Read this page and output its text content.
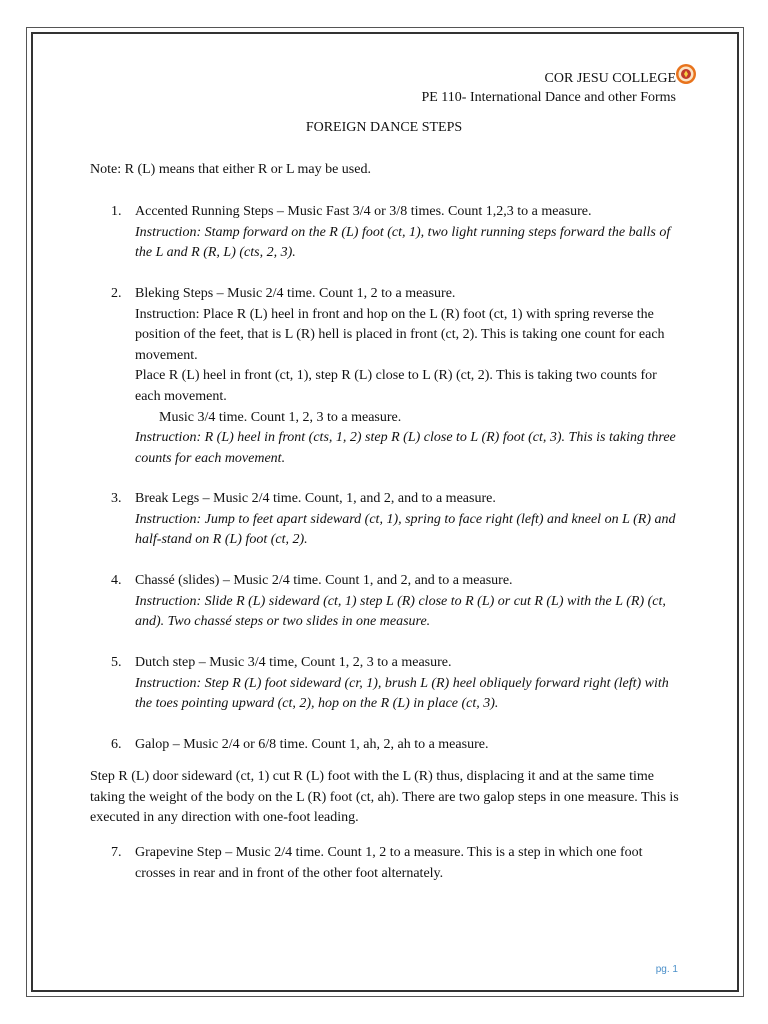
COR JESU COLLEGE
PE 110- International Dance and other Forms
FOREIGN DANCE STEPS
Note: R (L) means that either R or L may be used.
1. Accented Running Steps – Music Fast 3/4 or 3/8 times. Count 1,2,3 to a measure.

Instruction: Stamp forward on the R (L) foot (ct, 1), two light running steps forward the balls of the L and R (R, L) (cts, 2, 3).

2. Bleking Steps – Music 2/4 time. Count 1, 2 to a measure.

Instruction: Place R (L) heel in front and hop on the L (R) foot (ct, 1) with spring reverse the position of the feet, that is L (R) hell is placed in front (ct, 2). This is taking one count for each movement.

Place R (L) heel in front (ct, 1), step R (L) close to L (R) (ct, 2). This is taking two counts for each movement.

Music 3/4 time. Count 1, 2, 3 to a measure.

Instruction: R (L) heel in front (cts, 1, 2) step R (L) close to L (R) foot (ct, 3). This is taking three counts for each movement.

3. Break Legs – Music 2/4 time. Count, 1, and 2, and to a measure.

Instruction: Jump to feet apart sideward (ct, 1), spring to face right (left) and kneel on L (R) and half-stand on R (L) foot (ct, 2).

4. Chassé (slides) – Music 2/4 time. Count 1, and 2, and to a measure.

Instruction: Slide R (L) sideward (ct, 1) step L (R) close to R (L) or cut R (L) with the L (R) (ct, and). Two chassé steps or two slides in one measure.

5. Dutch step – Music 3/4 time, Count 1, 2, 3 to a measure.

Instruction: Step R (L) foot sideward (cr, 1), brush L (R) heel obliquely forward right (left) with the toes pointing upward (ct, 2), hop on the R (L) in place (ct, 3).

6. Galop – Music 2/4 or 6/8 time. Count 1, ah, 2, ah to a measure.

Step R (L) door sideward (ct, 1) cut R (L) foot with the L (R) thus, displacing it and at the same time taking the weight of the body on the L (R) foot (ct, ah). There are two galop steps in one measure. This is executed in any direction with one-foot leading.

7. Grapevine Step – Music 2/4 time. Count 1, 2 to a measure. This is a step in which one foot crosses in rear and in front of the other foot alternately.

pg. 1
